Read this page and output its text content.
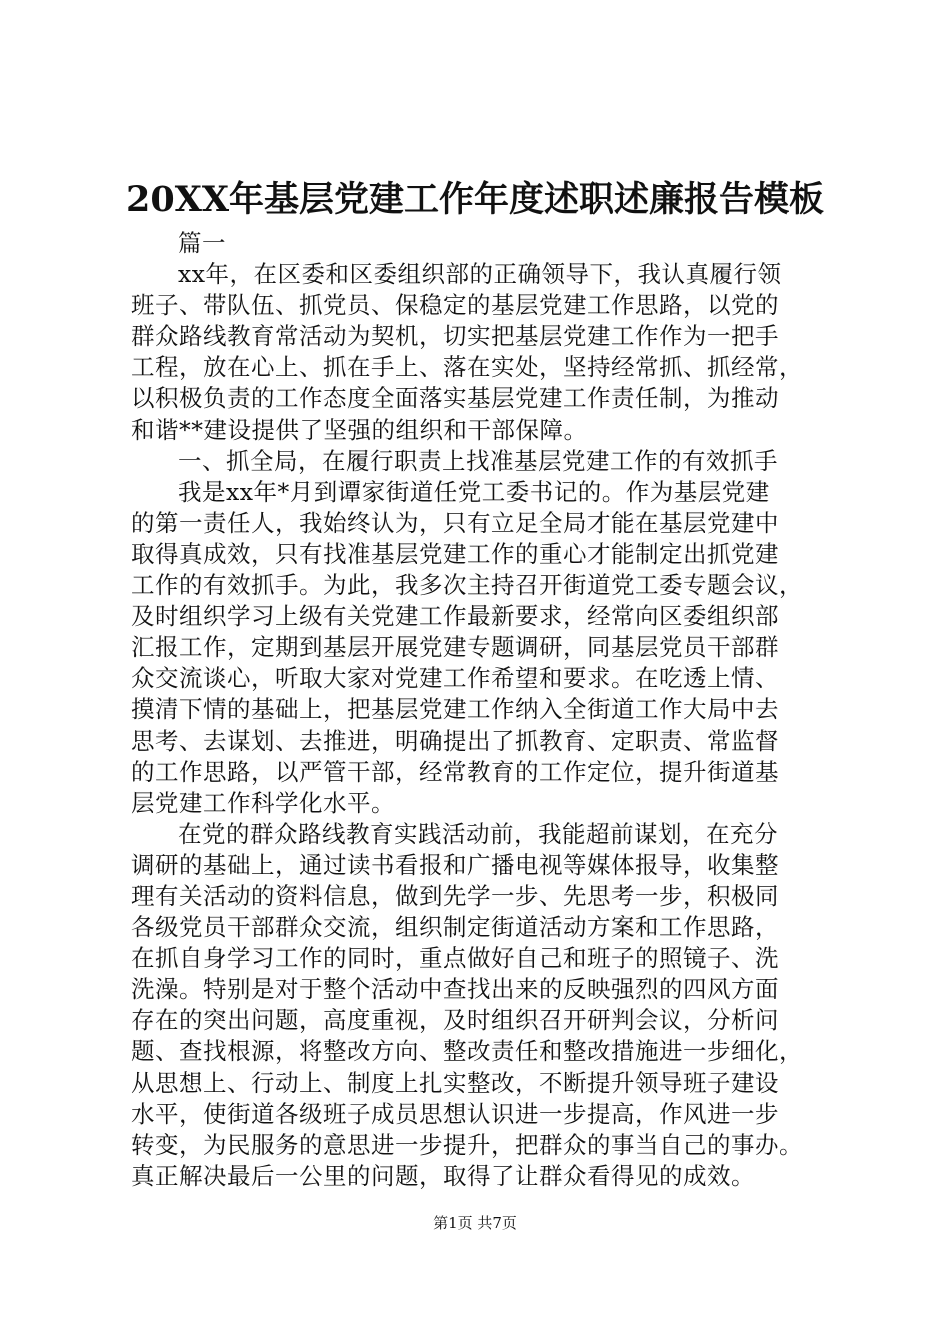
20XX年基层党建工作年度述职述廉报告模板
篇一
xx年，在区委和区委组织部的正确领导下，我认真履行领
班子、带队伍、抓党员、保稳定的基层党建工作思路，以党的
群众路线教育常活动为契机，切实把基层党建工作作为一把手
工程，放在心上、抓在手上、落在实处，坚持经常抓、抓经常，
以积极负责的工作态度全面落实基层党建工作责任制，为推动
和谐**建设提供了坚强的组织和干部保障。
一、抓全局，在履行职责上找准基层党建工作的有效抓手
我是xx年*月到谭家街道任党工委书记的。作为基层党建
的第一责任人，我始终认为，只有立足全局才能在基层党建中
取得真成效，只有找准基层党建工作的重心才能制定出抓党建
工作的有效抓手。为此，我多次主持召开街道党工委专题会议，
及时组织学习上级有关党建工作最新要求，经常向区委组织部
汇报工作，定期到基层开展党建专题调研，同基层党员干部群
众交流谈心，听取大家对党建工作希望和要求。在吃透上情、
摸清下情的基础上，把基层党建工作纳入全街道工作大局中去
思考、去谋划、去推进，明确提出了抓教育、定职责、常监督
的工作思路，以严管干部，经常教育的工作定位，提升街道基
层党建工作科学化水平。
在党的群众路线教育实践活动前，我能超前谋划，在充分
调研的基础上，通过读书看报和广播电视等媒体报导，收集整
理有关活动的资料信息，做到先学一步、先思考一步，积极同
各级党员干部群众交流，组织制定街道活动方案和工作思路，
在抓自身学习工作的同时，重点做好自己和班子的照镜子、洗
洗澡。特别是对于整个活动中查找出来的反映强烈的四风方面
存在的突出问题，高度重视，及时组织召开研判会议，分析问
题、查找根源，将整改方向、整改责任和整改措施进一步细化，
从思想上、行动上、制度上扎实整改，不断提升领导班子建设
水平，使街道各级班子成员思想认识进一步提高，作风进一步
转变，为民服务的意思进一步提升，把群众的事当自己的事办。
真正解决最后一公里的问题，取得了让群众看得见的成效。
第1页 共7页
